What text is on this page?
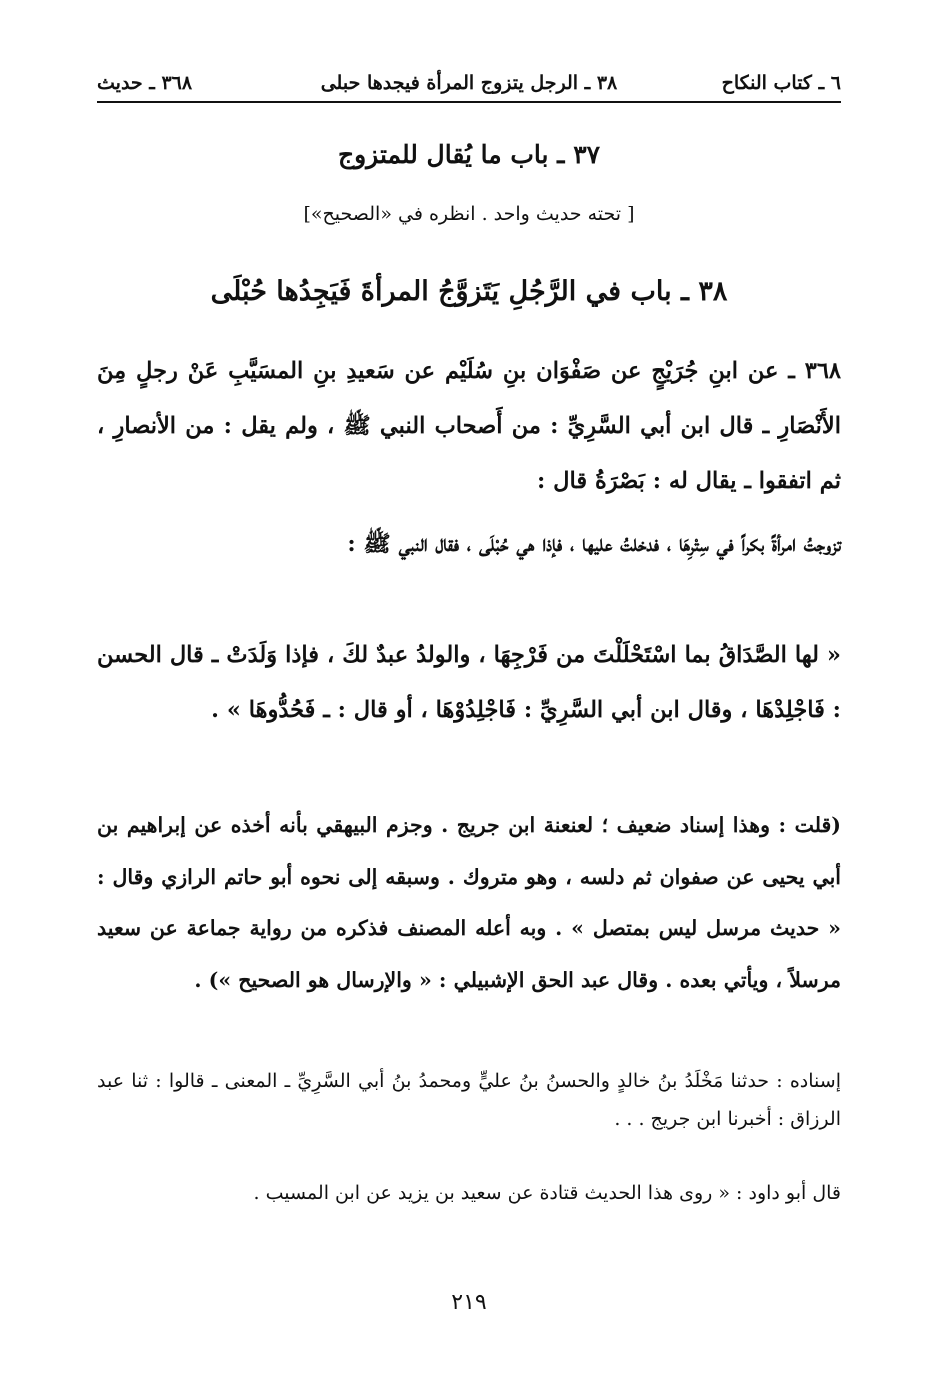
٦ ـ كتاب النكاح
٣٨ ـ الرجل يتزوج المرأة فيجدها حبلى
٣٦٨ ـ حديث
٣٧ ـ باب ما يُقال للمتزوج
[ تحته حديث واحد . انظره في «الصحيح»]
٣٨ ـ باب في الرَّجُلِ يَتَزوَّجُ المرأةَ فَيَجِدُها حُبْلَى
٣٦٨ ـ عن ابنِ جُرَيْجٍ عن صَفْوَان بنِ سُلَيْم عن سَعيدِ بنِ المسَيَّبِ عَنْ رجلٍ مِنَ الأَنْصَارِ ـ قال ابن أبي السَّرِيِّ : من أَصحاب النبي ﷺ ، ولم يقل : من الأنصارِ ، ثم اتفقوا ـ يقال له : بَصْرَةُ قال :
تزوجتُ امرأةً بكراً في سِتْرِهَا ، فدخلتُ عليها ، فإذا هي حُبْلَى ، فقال النبي ﷺ :
« لها الصَّدَاقُ بما اسْتَحْلَلْتَ من فَرْجِهَا ، والولدُ عبدٌ لكَ ، فإذا وَلَدَتْ ـ قال الحسن : فَاجْلِدْهَا ، وقال ابن أبي السَّرِيِّ : فَاجْلِدُوْهَا ، أو قال : ـ فَحُدُّوهَا » .
(قلت : وهذا إسناد ضعيف ؛ لعنعنة ابن جريج . وجزم البيهقي بأنه أخذه عن إبراهيم بن أبي يحيى عن صفوان ثم دلسه ، وهو متروك . وسبقه إلى نحوه أبو حاتم الرازي وقال : « حديث مرسل ليس بمتصل » . وبه أعله المصنف فذكره من رواية جماعة عن سعيد مرسلاً ، ويأتي بعده . وقال عبد الحق الإشبيلي : « والإرسال هو الصحيح ») .
إسناده : حدثنا مَخْلَدُ بنُ خالدٍ والحسنُ بنُ عليٍّ ومحمدُ بنُ أبي السَّرِيِّ ـ المعنى ـ قالوا : ثنا عبد الرزاق : أخبرنا ابن جريج . . .
قال أبو داود : « روى هذا الحديث قتادة عن سعيد بن يزيد عن ابن المسيب .
٢١٩
